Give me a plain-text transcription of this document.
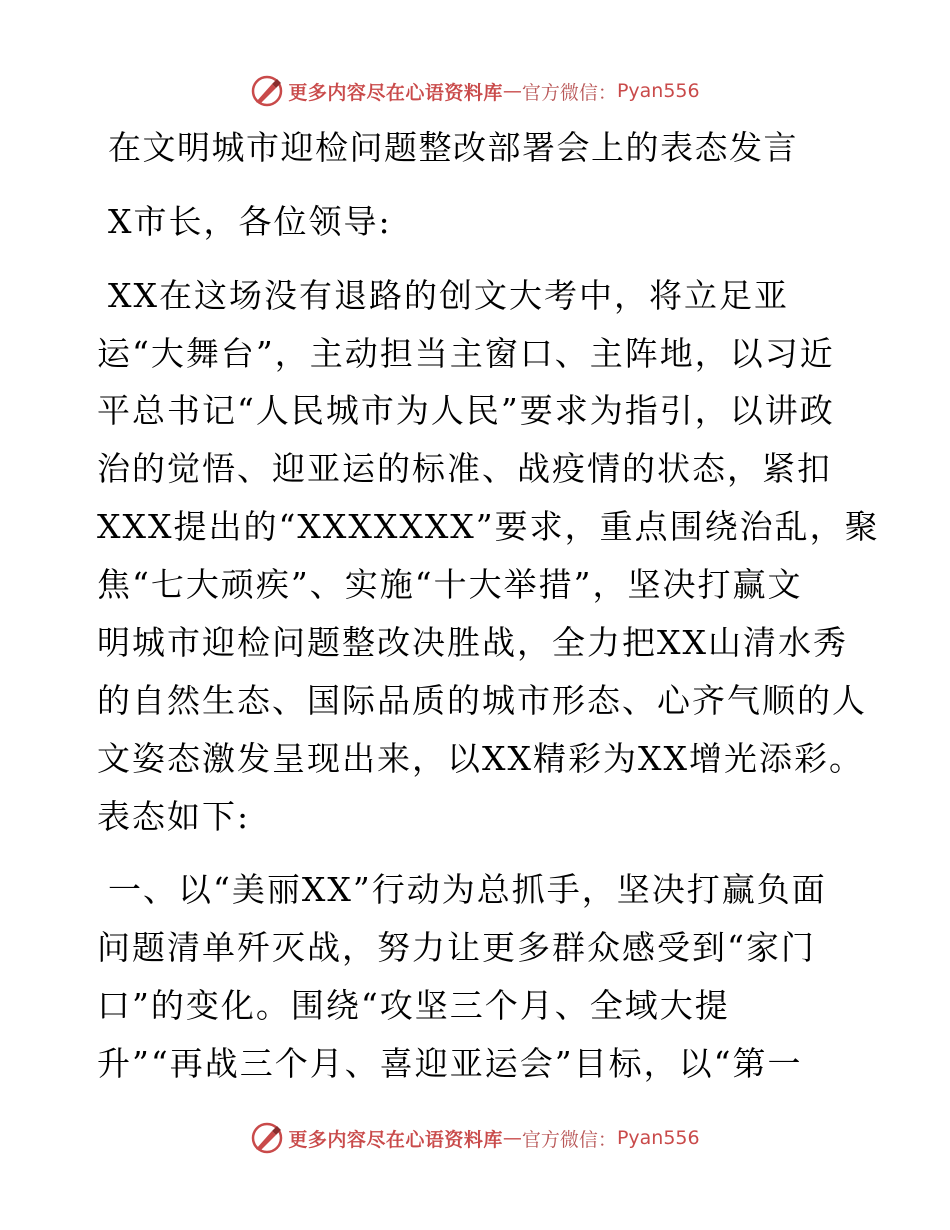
更多内容尽在心语资料库 — 官方微信： Pyan556
在文明城市迎检问题整改部署会上的表态发言
X市长，各位领导:
XX在这场没有退路的创文大考中，将立足亚
运“大舞台”，主动担当主窗口、主阵地，以习近
平总书记“人民城市为人民”要求为指引，以讲政
治的觉悟、迎亚运的标准、战疫情的状态，紧扣
XXX提出的“XXXXXXX”要求，重点围绕治乱，聚
焦“七大顽疾”、实施“十大举措”，坚决打赢文
明城市迎检问题整改决胜战，全力把XX山清水秀
的自然生态、国际品质的城市形态、心齐气顺的人
文姿态激发呈现出来，以XX精彩为XX增光添彩。
表态如下:
一、以“美丽XX”行动为总抓手，坚决打赢负面
问题清单歼灭战，努力让更多群众感受到“家门
口”的变化。围绕“攻坚三个月、全域大提
升”“再战三个月、喜迎亚运会”目标，以“第一
更多内容尽在心语资料库 — 官方微信： Pyan556
